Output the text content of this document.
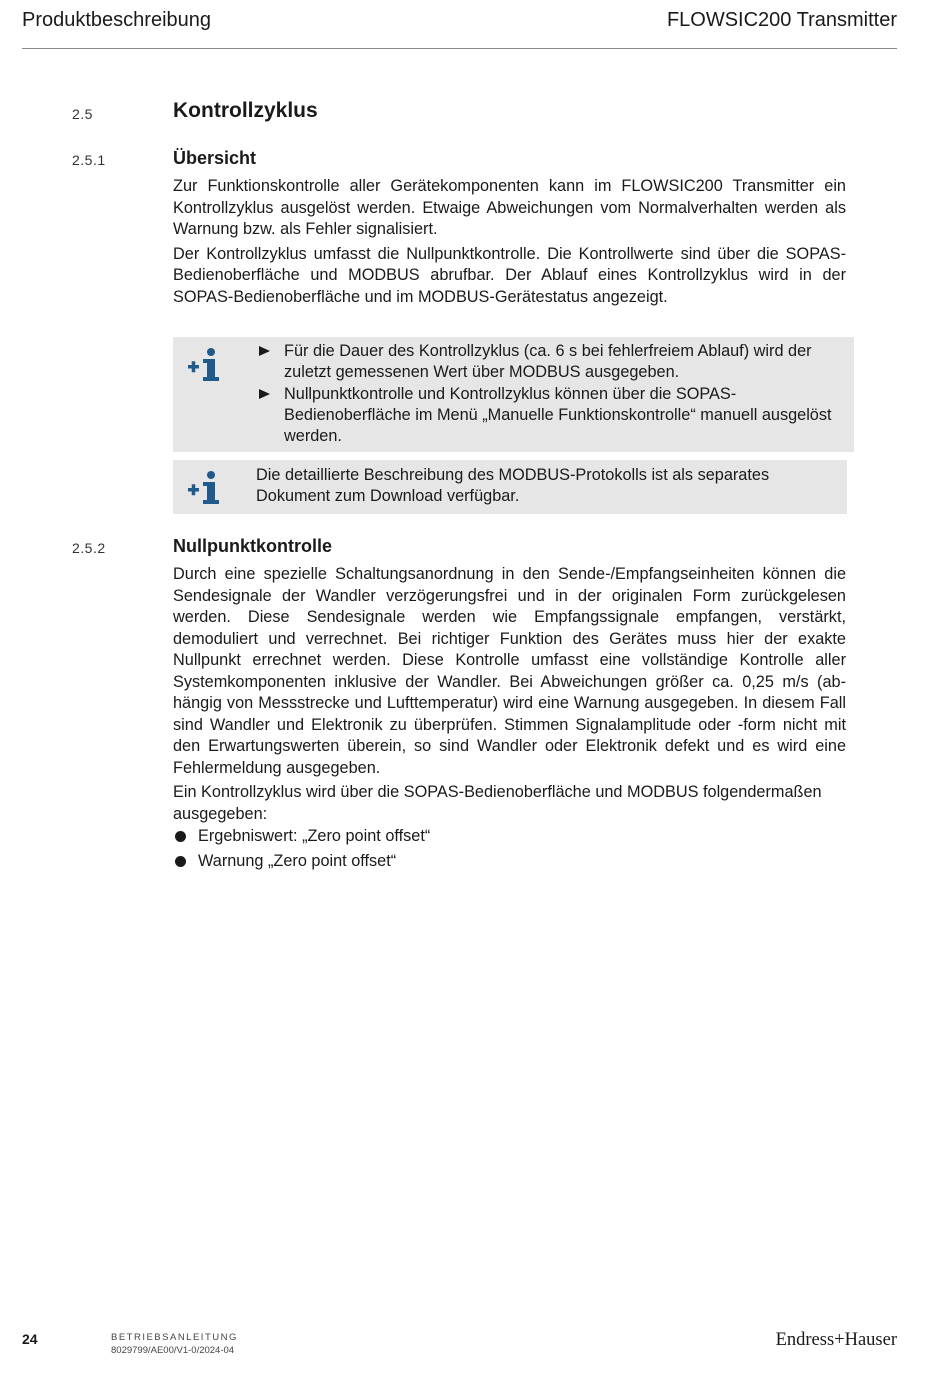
Produktbeschreibung	FLOWSIC200 Transmitter
2.5	Kontrollzyklus
2.5.1	Übersicht

Zur Funktionskontrolle aller Gerätekomponenten kann im FLOWSIC200 Transmitter ein Kontrollzyklus ausgelöst werden. Etwaige Abweichungen vom Normalverhalten werden als Warnung bzw. als Fehler signalisiert.

Der Kontrollzyklus umfasst die Nullpunktkontrolle. Die Kontrollwerte sind über die SOPAS-Bedienoberfläche und MODBUS abrufbar. Der Ablauf eines Kontrollzyklus wird in der SOPAS-Bedienoberfläche und im MODBUS-Gerätestatus angezeigt.

Für die Dauer des Kontrollzyklus (ca. 6 s bei fehlerfreiem Ablauf) wird der zuletzt gemessenen Wert über MODBUS ausgegeben.
Nullpunktkontrolle und Kontrollzyklus können über die SOPAS-Bedienoberfläche im Menü „Manuelle Funktionskontrolle“ manuell ausgelöst werden.
Die detaillierte Beschreibung des MODBUS-Protokolls ist als separates Dokument zum Download verfügbar.
2.5.2	Nullpunktkontrolle

Durch eine spezielle Schaltungsanordnung in den Sende-/Empfangseinheiten können die Sendesignale der Wandler verzögerungsfrei und in der originalen Form zurückgelesen werden. Diese Sendesignale werden wie Empfangssignale empfangen, verstärkt, demoduliert und verrechnet. Bei richtiger Funktion des Gerätes muss hier der exakte Nullpunkt errechnet werden. Diese Kontrolle umfasst eine vollständige Kontrolle aller Systemkomponenten inklusive der Wandler. Bei Abweichungen größer ca. 0,25 m/s (ab-hängig von Messstrecke und Lufttemperatur) wird eine Warnung ausgegeben. In diesem Fall sind Wandler und Elektronik zu überprüfen. Stimmen Signalamplitude oder -form nicht mit den Erwartungswerten überein, so sind Wandler oder Elektronik defekt und es wird eine Fehlermeldung ausgegeben.

Ein Kontrollzyklus wird über die SOPAS-Bedienoberfläche und MODBUS folgendermaßen ausgegeben:

Ergebniswert: „Zero point offset“
Warnung „Zero point offset“
24	BETRIEBSANLEITUNG
8029799/AE00/V1-0/2024-04
Endress+Hauser
